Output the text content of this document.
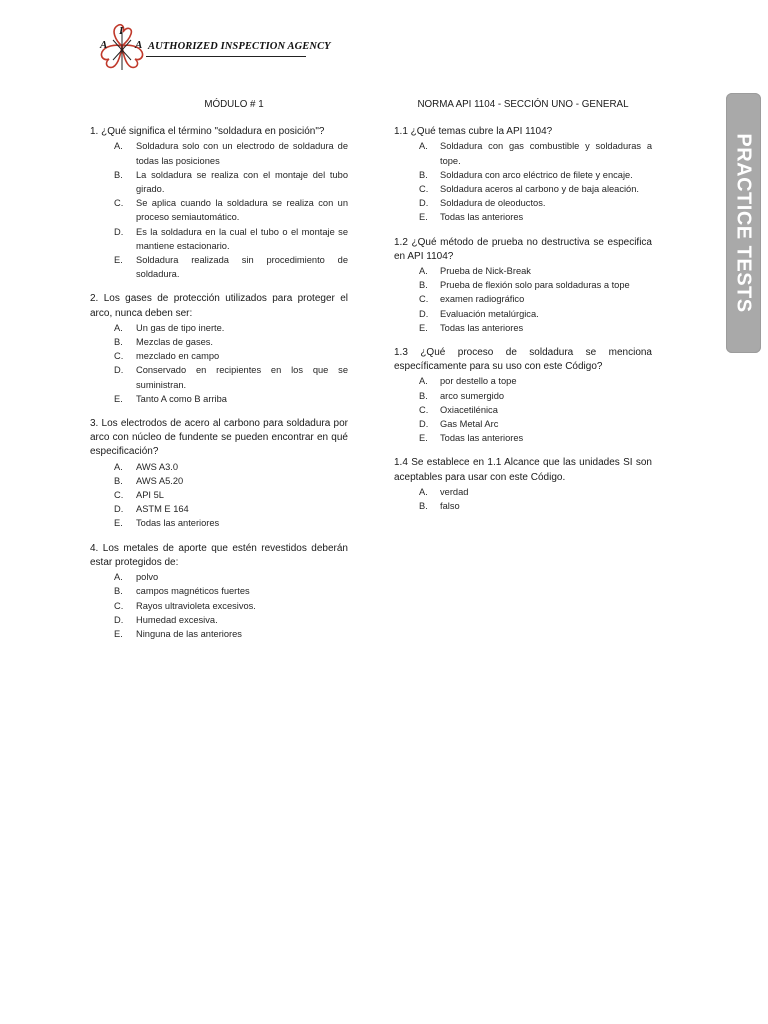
A
I
A AUTHORIZED INSPECTION AGENCY
PRACTICE TESTS
MÓDULO # 1
1. ¿Qué significa el término "soldadura en posición"?
A.	Soldadura solo con un electrodo de soldadura de todas las posiciones
B.	La soldadura se realiza con el montaje del tubo girado.
C.	Se aplica cuando la soldadura se realiza con un proceso semiautomático.
D.	Es la soldadura en la cual el tubo o el montaje se mantiene estacionario.
E.	Soldadura realizada sin procedimiento de soldadura.
2. Los gases de protección utilizados para proteger el arco, nunca deben ser:
A.	Un gas de tipo inerte.
B.	Mezclas de gases.
C.	mezclado en campo
D.	Conservado en recipientes en los que se suministran.
E.	Tanto A como B arriba
3. Los electrodos de acero al carbono para soldadura por arco con núcleo de fundente se pueden encontrar en qué especificación?
A.	AWS A3.0
B.	AWS A5.20
C.	API 5L
D.	ASTM E 164
E.	Todas las anteriores
4. Los metales de aporte que estén revestidos deberán estar protegidos de:
A.	polvo
B.	campos magnéticos fuertes
C.	Rayos ultravioleta excesivos.
D.	Humedad excesiva.
E.	Ninguna de las anteriores
NORMA API 1104 - SECCIÓN UNO - GENERAL
1.1 ¿Qué temas cubre la API 1104?
A.	Soldadura con gas combustible y soldaduras a tope.
B.	Soldadura con arco eléctrico de filete y encaje.
C.	Soldadura aceros al carbono y de baja aleación.
D.	Soldadura de oleoductos.
E.	Todas las anteriores
1.2 ¿Qué método de prueba no destructiva se especifica en API 1104?
A.	Prueba de Nick-Break
B.	Prueba de flexión solo para soldaduras a tope
C.	examen radiográfico
D.	Evaluación metalúrgica.
E.	Todas las anteriores
1.3 ¿Qué proceso de soldadura se menciona específicamente para su uso con este Código?
A.	por destello a tope
B.	arco sumergido
C.	Oxiacetilénica
D.	Gas Metal Arc
E.	Todas las anteriores
1.4 Se establece en 1.1 Alcance que las unidades SI son aceptables para usar con este Código.
A.	verdad
B.	falso
